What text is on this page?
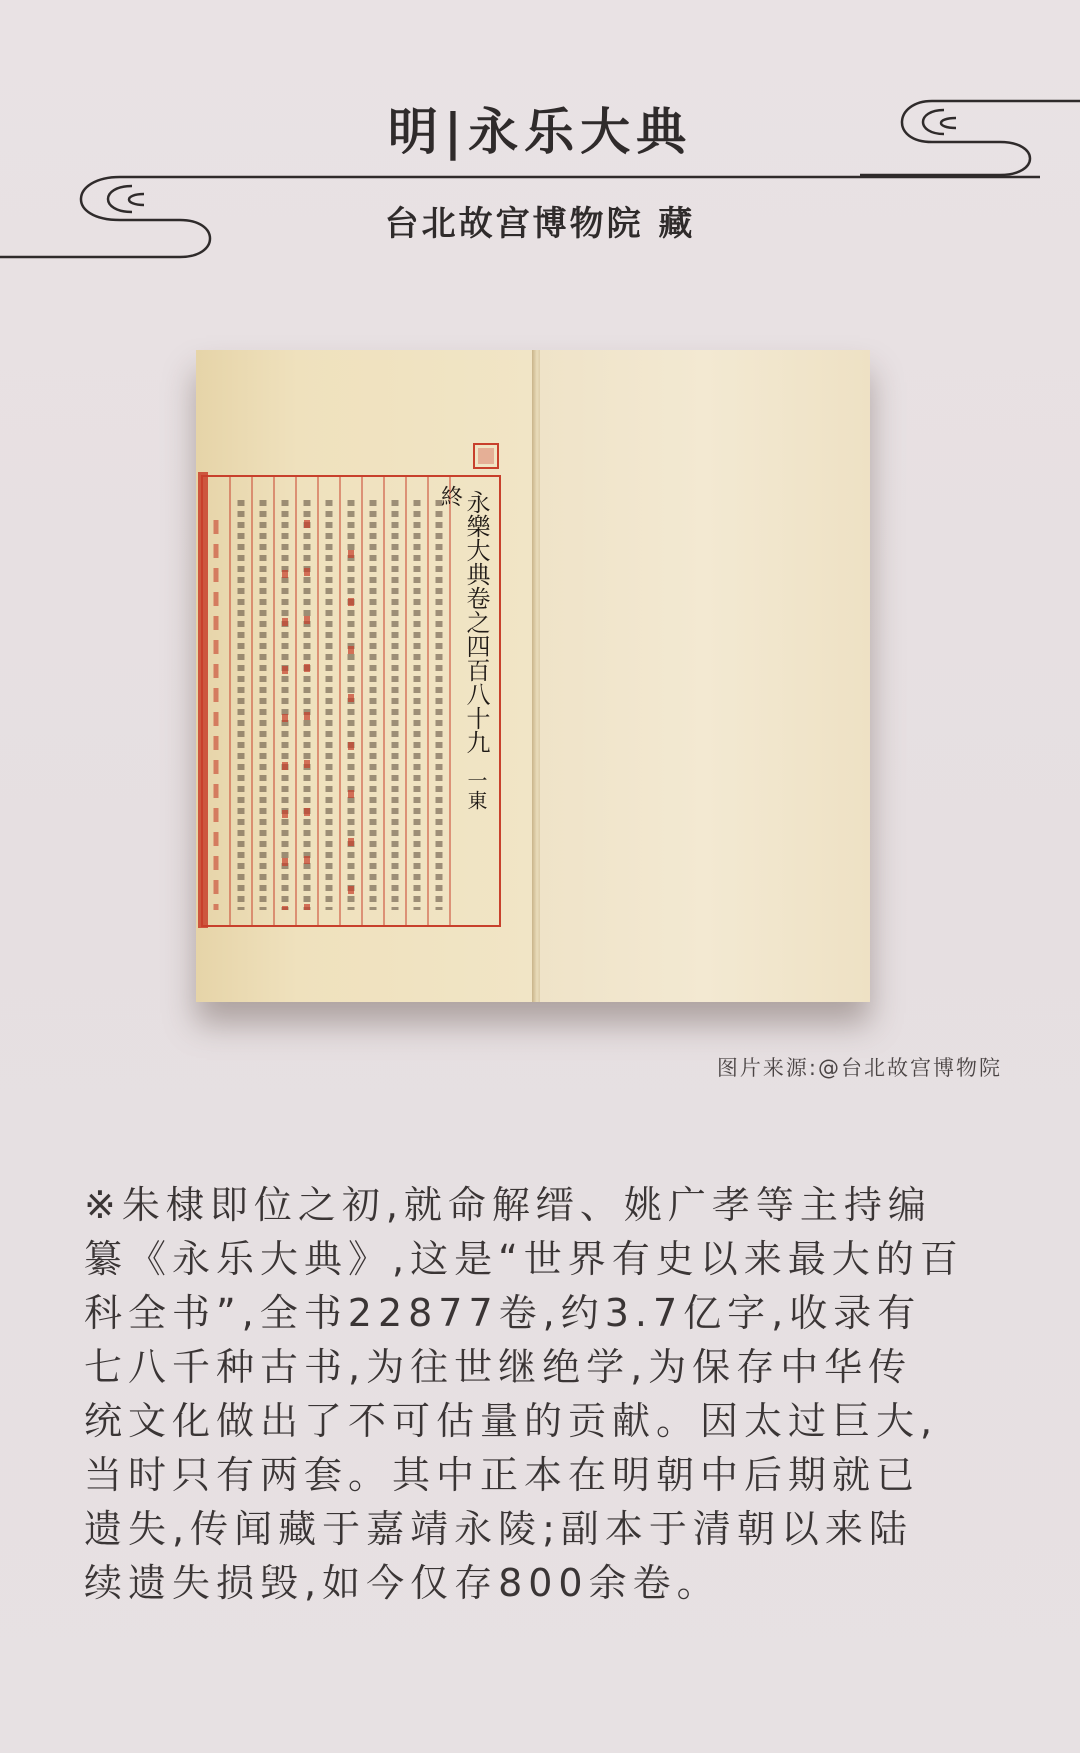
明|永乐大典
台北故宫博物院 藏
永樂大典卷之四百八十九
一東
終
图片来源:@台北故宫博物院

※朱棣即位之初,就命解缙、姚广孝等主持编
纂《永乐大典》,这是“世界有史以来最大的百
科全书”,全书22877卷,约3.7亿字,收录有
七八千种古书,为往世继绝学,为保存中华传
统文化做出了不可估量的贡献。因太过巨大,
当时只有两套。其中正本在明朝中后期就已
遗失,传闻藏于嘉靖永陵;副本于清朝以来陆
续遗失损毁,如今仅存800余卷。
